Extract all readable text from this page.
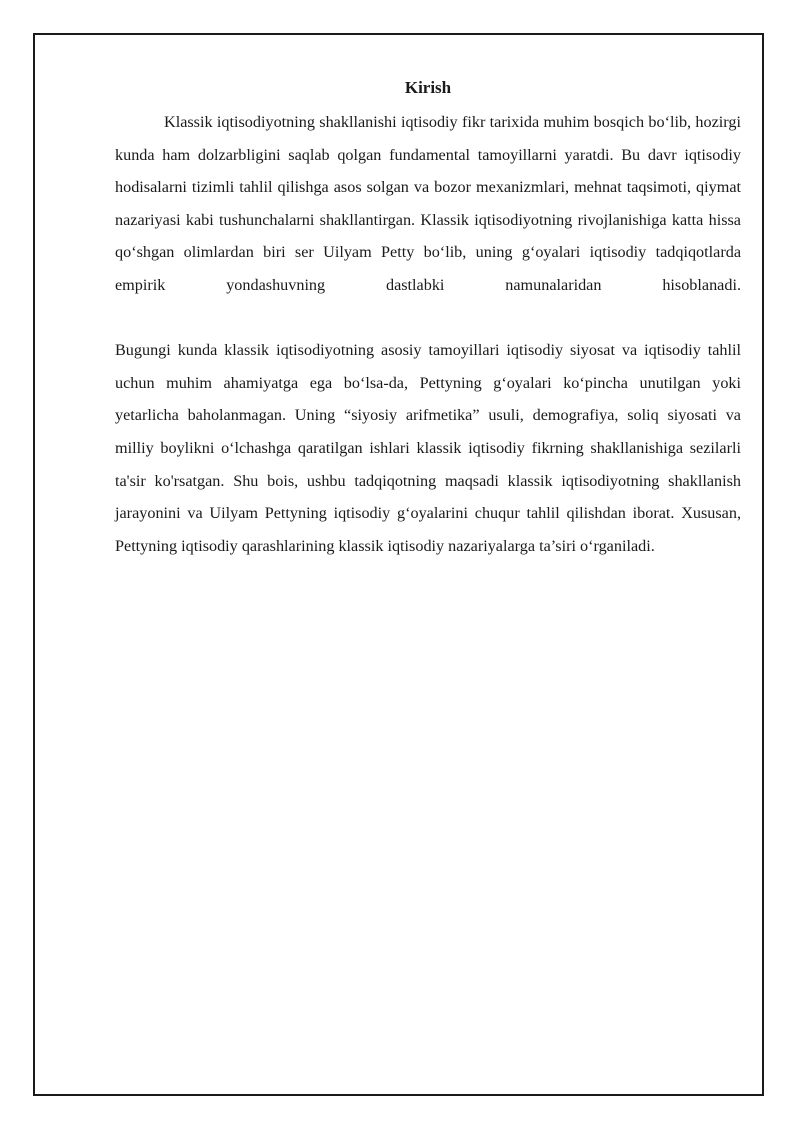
Kirish

Klassik iqtisodiyotning shakllanishi iqtisodiy fikr tarixida muhim bosqich bo‘lib, hozirgi kunda ham dolzarbligini saqlab qolgan fundamental tamoyillarni yaratdi. Bu davr iqtisodiy hodisalarni tizimli tahlil qilishga asos solgan va bozor mexanizmlari, mehnat taqsimoti, qiymat nazariyasi kabi tushunchalarni shakllantirgan. Klassik iqtisodiyotning rivojlanishiga katta hissa qo‘shgan olimlardan biri ser Uilyam Petty bo‘lib, uning g‘oyalari iqtisodiy tadqiqotlarda empirik yondashuvning dastlabki namunalaridan hisoblanadi.

Bugungi kunda klassik iqtisodiyotning asosiy tamoyillari iqtisodiy siyosat va iqtisodiy tahlil uchun muhim ahamiyatga ega bo‘lsa-da, Pettyning g‘oyalari ko‘pincha unutilgan yoki yetarlicha baholanmagan. Uning “siyosiy arifmetika” usuli, demografiya, soliq siyosati va milliy boylikni o‘lchashga qaratilgan ishlari klassik iqtisodiy fikrning shakllanishiga sezilarli ta'sir ko'rsatgan. Shu bois, ushbu tadqiqotning maqsadi klassik iqtisodiyotning shakllanish jarayonini va Uilyam Pettyning iqtisodiy g‘oyalarini chuqur tahlil qilishdan iborat. Xususan, Pettyning iqtisodiy qarashlarining klassik iqtisodiy nazariyalarga ta’siri o‘rganiladi.
